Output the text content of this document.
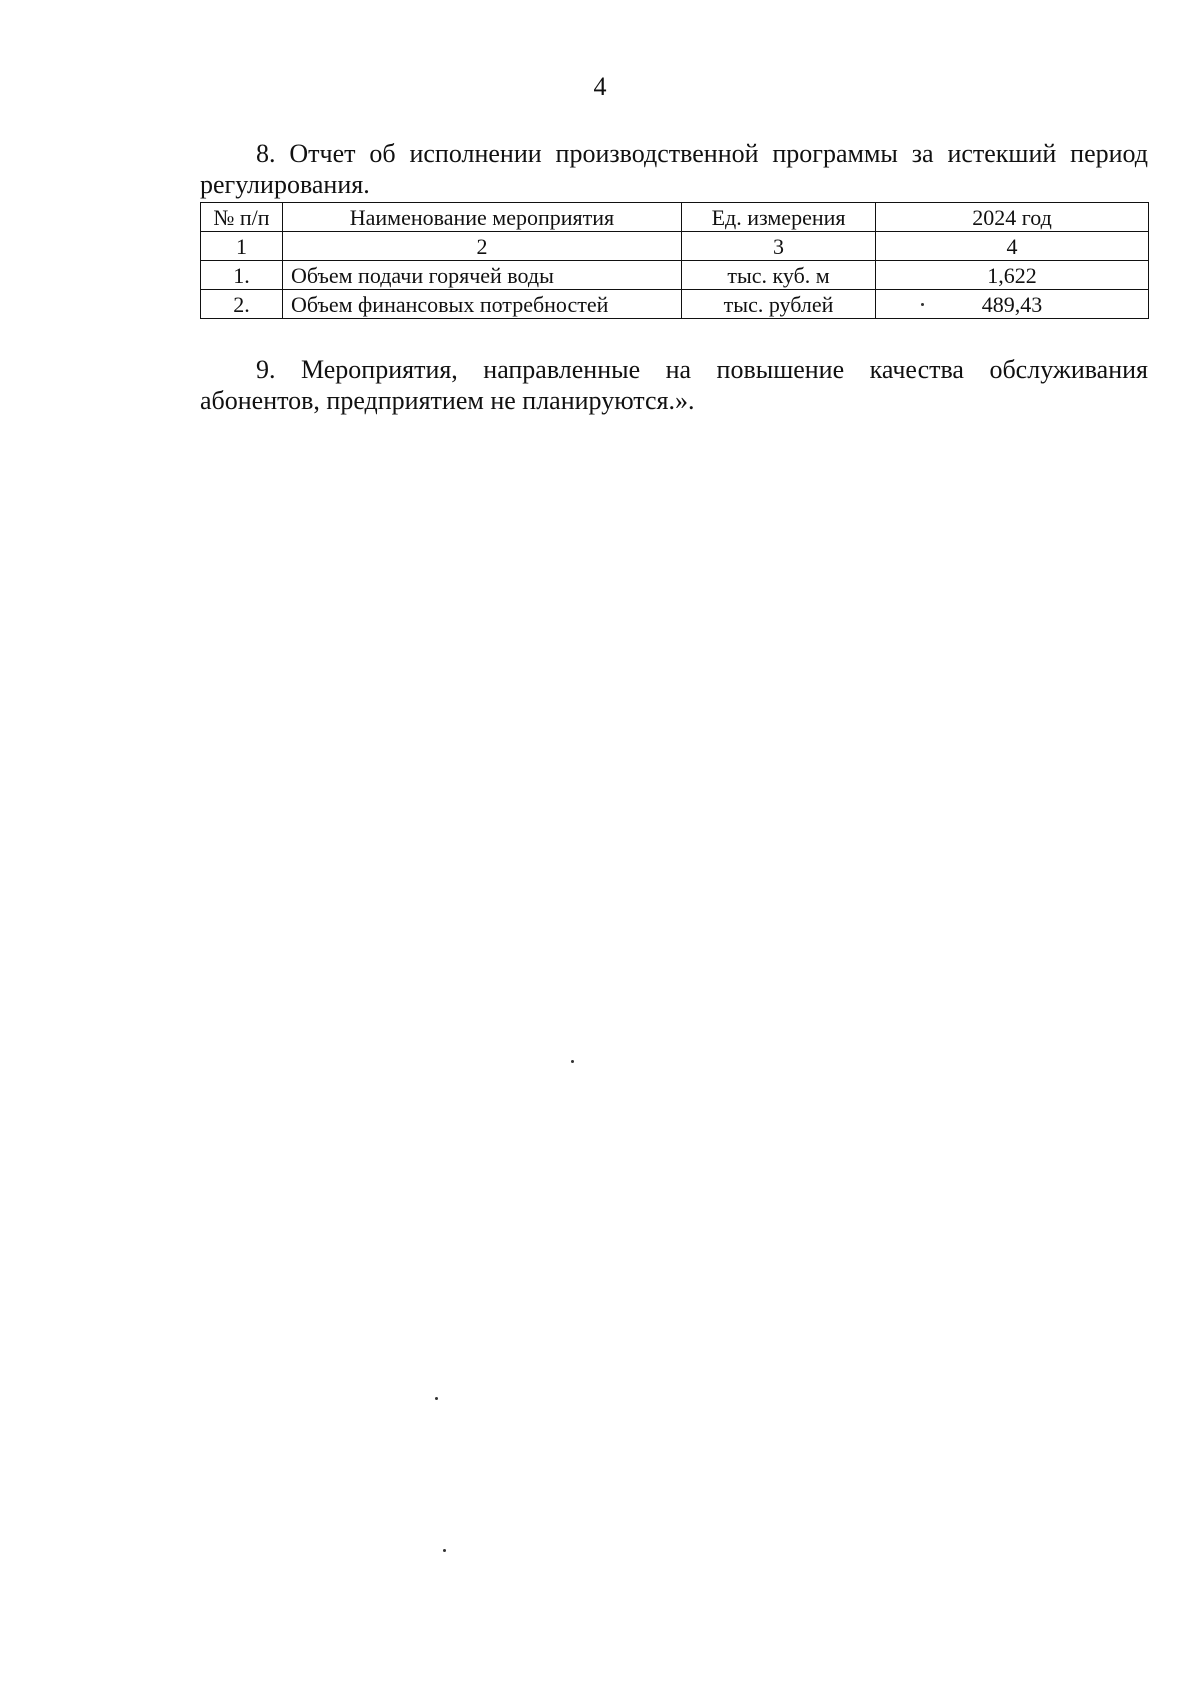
4
8. Отчет об исполнении производственной программы за истекший период регулирования.
№ п/п	Наименование мероприятия	Ед. измерения	2024 год
1	2	3	4
1.	Объем подачи горячей воды	тыс. куб. м	1,622
2.	Объем финансовых потребностей	тыс. рублей	489,43
9. Мероприятия, направленные на повышение качества обслуживания абонентов, предприятием не планируются.».
